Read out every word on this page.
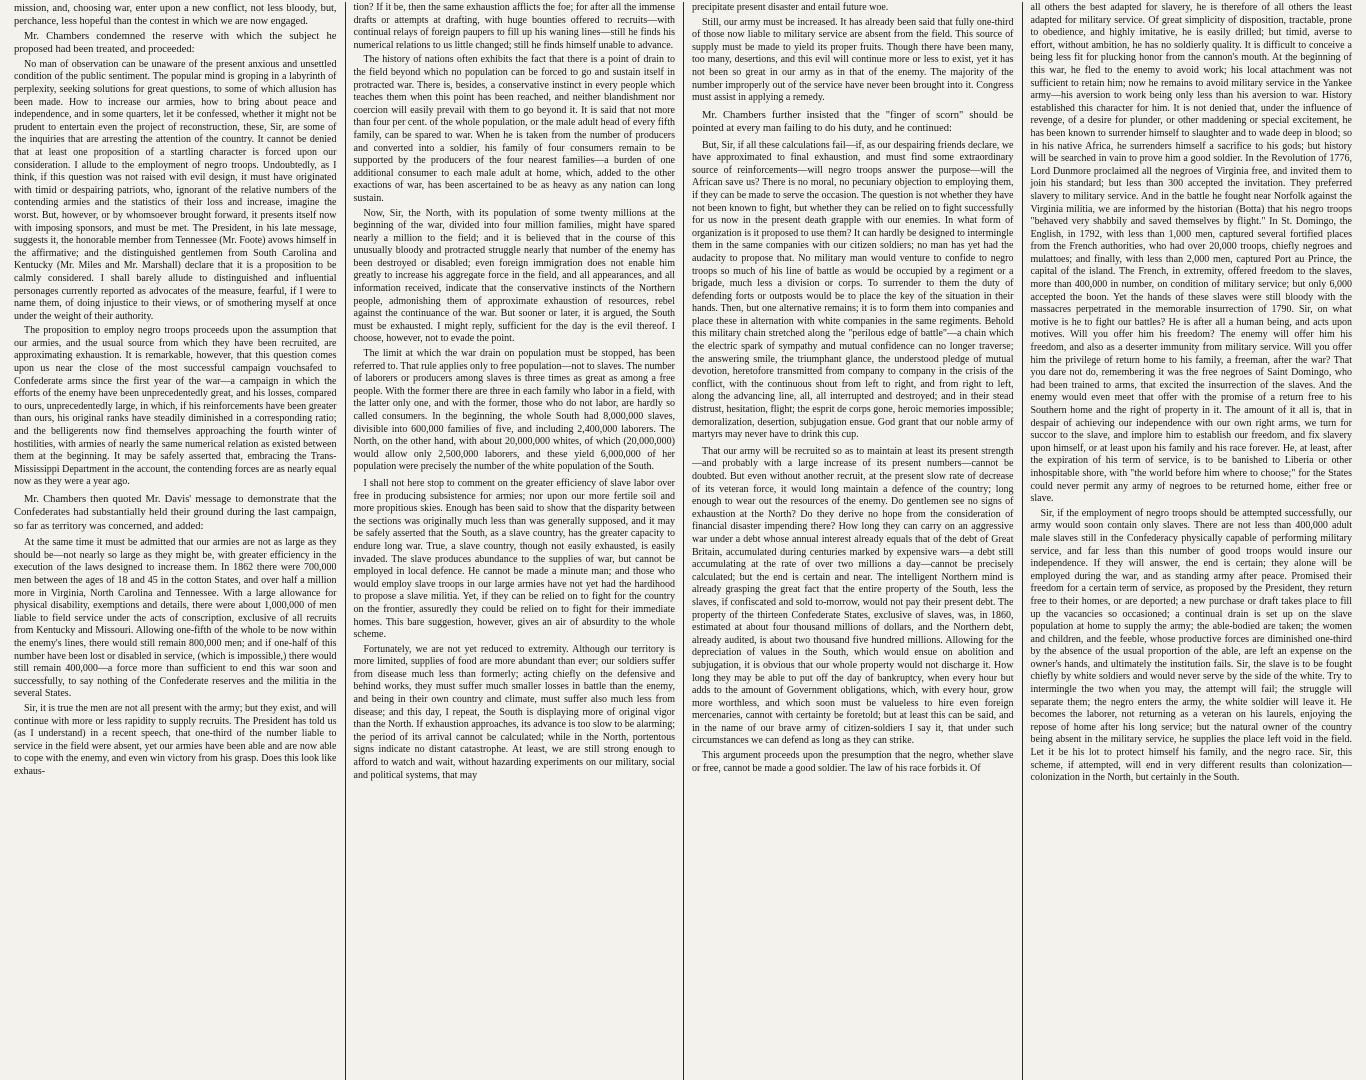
mission, and, choosing war, enter upon a new conflict, not less bloody, but, perchance, less hopeful than the contest in which we are now engaged.

Mr. Chambers condemned the reserve with which the subject he proposed had been treated, and proceeded:

No man of observation can be unaware of the present anxious and unsettled condition of the public sentiment. The popular mind is groping in a labyrinth of perplexity, seeking solutions for great questions, to some of which allusion has been made. How to increase our armies, how to bring about peace and independence, and in some quarters, let it be confessed, whether it might not be prudent to entertain even the project of reconstruction, these, Sir, are some of the inquiries that are arresting the attention of the country. It cannot be denied that at least one proposition of a startling character is forced upon our consideration. I allude to the employment of negro troops. Undoubtedly, as I think, if this question was not raised with evil design, it must have originated with timid or despairing patriots, who, ignorant of the relative numbers of the contending armies and the statistics of their loss and increase, imagine the worst. But, however, or by whomsoever brought forward, it presents itself now with imposing sponsors, and must be met. The President, in his late message, suggests it, the honorable member from Tennessee (Mr. Foote) avows himself in the affirmative; and the distinguished gentlemen from South Carolina and Kentucky (Mr. Miles and Mr. Marshall) declare that it is a proposition to be calmly considered. I shall barely allude to distinguished and influential personages currently reported as advocates of the measure, fearful, if I were to name them, of doing injustice to their views, or of smothering myself at once under the weight of their authority.

The proposition to employ negro troops proceeds upon the assumption that our armies, and the usual source from which they have been recruited, are approximating exhaustion. It is remarkable, however, that this question comes upon us near the close of the most successful campaign vouchsafed to Confederate arms since the first year of the war—a campaign in which the efforts of the enemy have been unprecedentedly great, and his losses, compared to ours, unprecedentedly large, in which, if his reinforcements have been greater than ours, his original ranks have steadily diminished in a corresponding ratio; and the belligerents now find themselves approaching the fourth winter of hostilities, with armies of nearly the same numerical relation as existed between them at the beginning. It may be safely asserted that, embracing the Trans-Mississippi Department in the account, the contending forces are as nearly equal now as they were a year ago.

Mr. Chambers then quoted Mr. Davis' message to demonstrate that the Confederates had substantially held their ground during the last campaign, so far as territory was concerned, and added:

At the same time it must be admitted that our armies are not as large as they should be—not nearly so large as they might be, with greater efficiency in the execution of the laws designed to increase them. In 1862 there were 700,000 men between the ages of 18 and 45 in the cotton States, and over half a million more in Virginia, North Carolina and Tennessee. With a large allowance for physical disability, exemptions and details, there were about 1,000,000 of men liable to field service under the acts of conscription, exclusive of all recruits from Kentucky and Missouri. Allowing one-fifth of the whole to be now within the enemy's lines, there would still remain 800,000 men; and if one-half of this number have been lost or disabled in service, (which is impossible,) there would still remain 400,000—a force more than sufficient to end this war soon and successfully, to say nothing of the Confederate reserves and the militia in the several States.

Sir, it is true the men are not all present with the army; but they exist, and will continue with more or less rapidity to supply recruits. The President has told us (as I understand) in a recent speech, that one-third of the number liable to service in the field were absent, yet our armies have been able and are now able to cope with the enemy, and even win victory from his grasp. Does this look like exhaus-

tion? If it be, then the same exhaustion afflicts the foe; for after all the immense drafts or attempts at drafting, with huge bounties offered to recruits—with continual relays of foreign paupers to fill up his waning lines—still he finds his numerical relations to us little changed; still he finds himself unable to advance.

The history of nations often exhibits the fact that there is a point of drain to the field beyond which no population can be forced to go and sustain itself in protracted war. There is, besides, a conservative instinct in every people which teaches them when this point has been reached, and neither blandishment nor coercion will easily prevail with them to go beyond it. It is said that not more than four per cent. of the whole population, or the male adult head of every fifth family, can be spared to war. When he is taken from the number of producers and converted into a soldier, his family of four consumers remain to be supported by the producers of the four nearest families—a burden of one additional consumer to each male adult at home, which, added to the other exactions of war, has been ascertained to be as heavy as any nation can long sustain.

Now, Sir, the North, with its population of some twenty millions at the beginning of the war, divided into four million families, might have spared nearly a million to the field; and it is believed that in the course of this unusually bloody and protracted struggle nearly that number of the enemy has been destroyed or disabled; even foreign immigration does not enable him greatly to increase his aggregate force in the field, and all appearances, and all information received, indicate that the conservative instincts of the Northern people, admonishing them of approximate exhaustion of resources, rebel against the continuance of the war. But sooner or later, it is argued, the South must be exhausted. I might reply, sufficient for the day is the evil thereof. I choose, however, not to evade the point.

The limit at which the war drain on population must be stopped, has been referred to. That rule applies only to free population—not to slaves. The number of laborers or producers among slaves is three times as great as among a free people. With the former there are three in each family who labor in a field, with the latter only one, and with the former, those who do not labor, are hardly so called consumers. In the beginning, the whole South had 8,000,000 slaves, divisible into 600,000 families of five, and including 2,400,000 laborers. The North, on the other hand, with about 20,000,000 whites, of which (20,000,000) would allow only 2,500,000 laborers, and these yield 6,000,000 of her population were precisely the number of the white population of the South.

I shall not here stop to comment on the greater efficiency of slave labor over free in producing subsistence for armies; nor upon our more fertile soil and more propitious skies. Enough has been said to show that the disparity between the sections was originally much less than was generally supposed, and it may be safely asserted that the South, as a slave country, has the greater capacity to endure long war. True, a slave country, though not easily exhausted, is easily invaded. The slave produces abundance to the supplies of war, but cannot be employed in local defence. He cannot be made a minute man; and those who would employ slave troops in our large armies have not yet had the hardihood to propose a slave militia. Yet, if they can be relied on to fight for the country on the frontier, assuredly they could be relied on to fight for their immediate homes. This bare suggestion, however, gives an air of absurdity to the whole scheme.

Fortunately, we are not yet reduced to extremity. Although our territory is more limited, supplies of food are more abundant than ever; our soldiers suffer from disease much less than formerly; acting chiefly on the defensive and behind works, they must suffer much smaller losses in battle than the enemy, and being in their own country and climate, must suffer also much less from disease; and this day, I repeat, the South is displaying more of original vigor than the North. If exhaustion approaches, its advance is too slow to be alarming; the period of its arrival cannot be calculated; while in the North, portentous signs indicate no distant catastrophe. At least, we are still strong enough to afford to watch and wait, without hazarding experiments on our military, social and political systems, that may

precipitate present disaster and entail future woe.

Still, our army must be increased. It has already been said that fully one-third of those now liable to military service are absent from the field. This source of supply must be made to yield its proper fruits. Though there have been many, too many, desertions, and this evil will continue more or less to exist, yet it has not been so great in our army as in that of the enemy. The majority of the number improperly out of the service have never been brought into it. Congress must assist in applying a remedy.

Mr. Chambers further insisted that the "finger of scorn" should be pointed at every man failing to do his duty, and he continued:

But, Sir, if all these calculations fail—if, as our despairing friends declare, we have approximated to final exhaustion, and must find some extraordinary source of reinforcements—will negro troops answer the purpose—will the African save us? There is no moral, no pecuniary objection to employing them, if they can be made to serve the occasion. The question is not whether they have not been known to fight, but whether they can be relied on to fight successfully for us now in the present death grapple with our enemies. In what form of organization is it proposed to use them? It can hardly be designed to intermingle them in the same companies with our citizen soldiers; no man has yet had the audacity to propose that. No military man would venture to confide to negro troops so much of his line of battle as would be occupied by a regiment or a brigade, much less a division or corps. To surrender to them the duty of defending forts or outposts would be to place the key of the situation in their hands. Then, but one alternative remains; it is to form them into companies and place these in alternation with white companies in the same regiments. Behold this military chain stretched along the "perilous edge of battle"—a chain which the electric spark of sympathy and mutual confidence can no longer traverse; the answering smile, the triumphant glance, the understood pledge of mutual devotion, heretofore transmitted from company to company in the crisis of the conflict, with the continuous shout from left to right, and from right to left, along the advancing line, all, all interrupted and destroyed; and in their stead distrust, hesitation, flight; the esprit de corps gone, heroic memories impossible; demoralization, desertion, subjugation ensue. God grant that our noble army of martyrs may never have to drink this cup.

That our army will be recruited so as to maintain at least its present strength—and probably with a large increase of its present numbers—cannot be doubted. But even without another recruit, at the present slow rate of decrease of its veteran force, it would long maintain a defence of the country; long enough to wear out the resources of the enemy. Do gentlemen see no signs of exhaustion at the North? Do they derive no hope from the consideration of financial disaster impending there? How long they can carry on an aggressive war under a debt whose annual interest already equals that of the debt of Great Britain, accumulated during centuries marked by expensive wars—a debt still accumulating at the rate of over two millions a day—cannot be precisely calculated; but the end is certain and near. The intelligent Northern mind is already grasping the great fact that the entire property of the South, less the slaves, if confiscated and sold to-morrow, would not pay their present debt. The property of the thirteen Confederate States, exclusive of slaves, was, in 1860, estimated at about four thousand millions of dollars, and the Northern debt, already audited, is about two thousand five hundred millions. Allowing for the depreciation of values in the South, which would ensue on abolition and subjugation, it is obvious that our whole property would not discharge it. How long they may be able to put off the day of bankruptcy, when every hour but adds to the amount of Government obligations, which, with every hour, grow more worthless, and which soon must be valueless to hire even foreign mercenaries, cannot with certainty be foretold; but at least this can be said, and in the name of our brave army of citizen-soldiers I say it, that under such circumstances we can defend as long as they can strike.

This argument proceeds upon the presumption that the negro, whether slave or free, cannot be made a good soldier. The law of his race forbids it. Of

all others the best adapted for slavery, he is therefore of all others the least adapted for military service. Of great simplicity of disposition, tractable, prone to obedience, and highly imitative, he is easily drilled; but timid, averse to effort, without ambition, he has no soldierly quality. It is difficult to conceive a being less fit for plucking honor from the cannon's mouth. At the beginning of this war, he fled to the enemy to avoid work; his local attachment was not sufficient to retain him; now he remains to avoid military service in the Yankee army—his aversion to work being only less than his aversion to war. History established this character for him. It is not denied that, under the influence of revenge, of a desire for plunder, or other maddening or special excitement, he has been known to surrender himself to slaughter and to wade deep in blood; so in his native Africa, he surrenders himself a sacrifice to his gods; but history will be searched in vain to prove him a good soldier. In the Revolution of 1776, Lord Dunmore proclaimed all the negroes of Virginia free, and invited them to join his standard; but less than 300 accepted the invitation. They preferred slavery to military service. And in the battle he fought near Norfolk against the Virginia militia, we are informed by the historian (Botta) that his negro troops "behaved very shabbily and saved themselves by flight." In St. Domingo, the English, in 1792, with less than 1,000 men, captured several fortified places from the French authorities, who had over 20,000 troops, chiefly negroes and mulattoes; and finally, with less than 2,000 men, captured Port au Prince, the capital of the island. The French, in extremity, offered freedom to the slaves, more than 400,000 in number, on condition of military service; but only 6,000 accepted the boon. Yet the hands of these slaves were still bloody with the massacres perpetrated in the memorable insurrection of 1790. Sir, on what motive is he to fight our battles? He is after all a human being, and acts upon motives. Will you offer him his freedom? The enemy will offer him his freedom, and also as a deserter immunity from military service. Will you offer him the privilege of return home to his family, a freeman, after the war? That you dare not do, remembering it was the free negroes of Saint Domingo, who had been trained to arms, that excited the insurrection of the slaves. And the enemy would even meet that offer with the promise of a return free to his Southern home and the right of property in it. The amount of it all is, that in despair of achieving our independence with our own right arms, we turn for succor to the slave, and implore him to establish our freedom, and fix slavery upon himself, or at least upon his family and his race forever. He, at least, after the expiration of his term of service, is to be banished to Liberia or other inhospitable shore, with "the world before him where to choose;" for the States could never permit any army of negroes to be returned home, either free or slave.

Sir, if the employment of negro troops should be attempted successfully, our army would soon contain only slaves. There are not less than 400,000 adult male slaves still in the Confederacy physically capable of performing military service, and far less than this number of good troops would insure our independence. If they will answer, the end is certain; they alone will be employed during the war, and as standing army after peace. Promised their freedom for a certain term of service, as proposed by the President, they return free to their homes, or are deported; a new purchase or draft takes place to fill up the vacancies so occasioned; a continual drain is set up on the slave population at home to supply the army; the able-bodied are taken; the women and children, and the feeble, whose productive forces are diminished one-third by the absence of the usual proportion of the able, are left an expense on the owner's hands, and ultimately the institution fails. Sir, the slave is to be fought chiefly by white soldiers and would never serve by the side of the white. Try to intermingle the two when you may, the attempt will fail; the struggle will separate them; the negro enters the army, the white soldier will leave it. He becomes the laborer, not returning as a veteran on his laurels, enjoying the repose of home after his long service; but the natural owner of the country being absent in the military service, he supplies the place left void in the field. Let it be his lot to protect himself his family, and the negro race. Sir, this scheme, if attempted, will end in very different results than colonization—colonization in the North, but certainly in the South.
